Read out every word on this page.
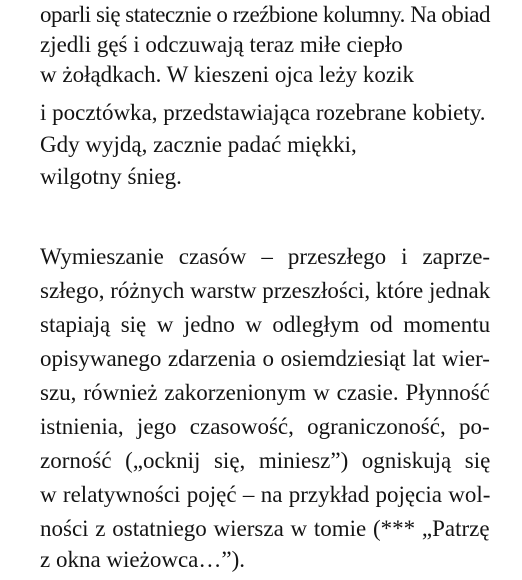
oparli się statecznie o rzeźbione kolumny. Na obiad
zjedli gęś i odczuwają teraz miłe ciepło
w żołądkach. W kieszeni ojca leży kozik
i pocztówka, przedstawiająca rozebrane kobiety.
Gdy wyjdą, zacznie padać miękki,
wilgotny śnieg.
Wymieszanie czasów – przeszłego i zaprze-
szłego, różnych warstw przeszłości, które jednak
stapiają się w jedno w odległym od momentu
opisywanego zdarzenia o osiemdziesiąt lat wier-
szu, również zakorzenionym w czasie. Płynność
istnienia, jego czasowość, ograniczoność, po-
zorność („ocknij się, miniesz”) ogniskują się
w relatywności pojęć – na przykład pojęcia wol-
ności z ostatniego wiersza w tomie (*** „Patrzę
z okna wieżowca…”).
